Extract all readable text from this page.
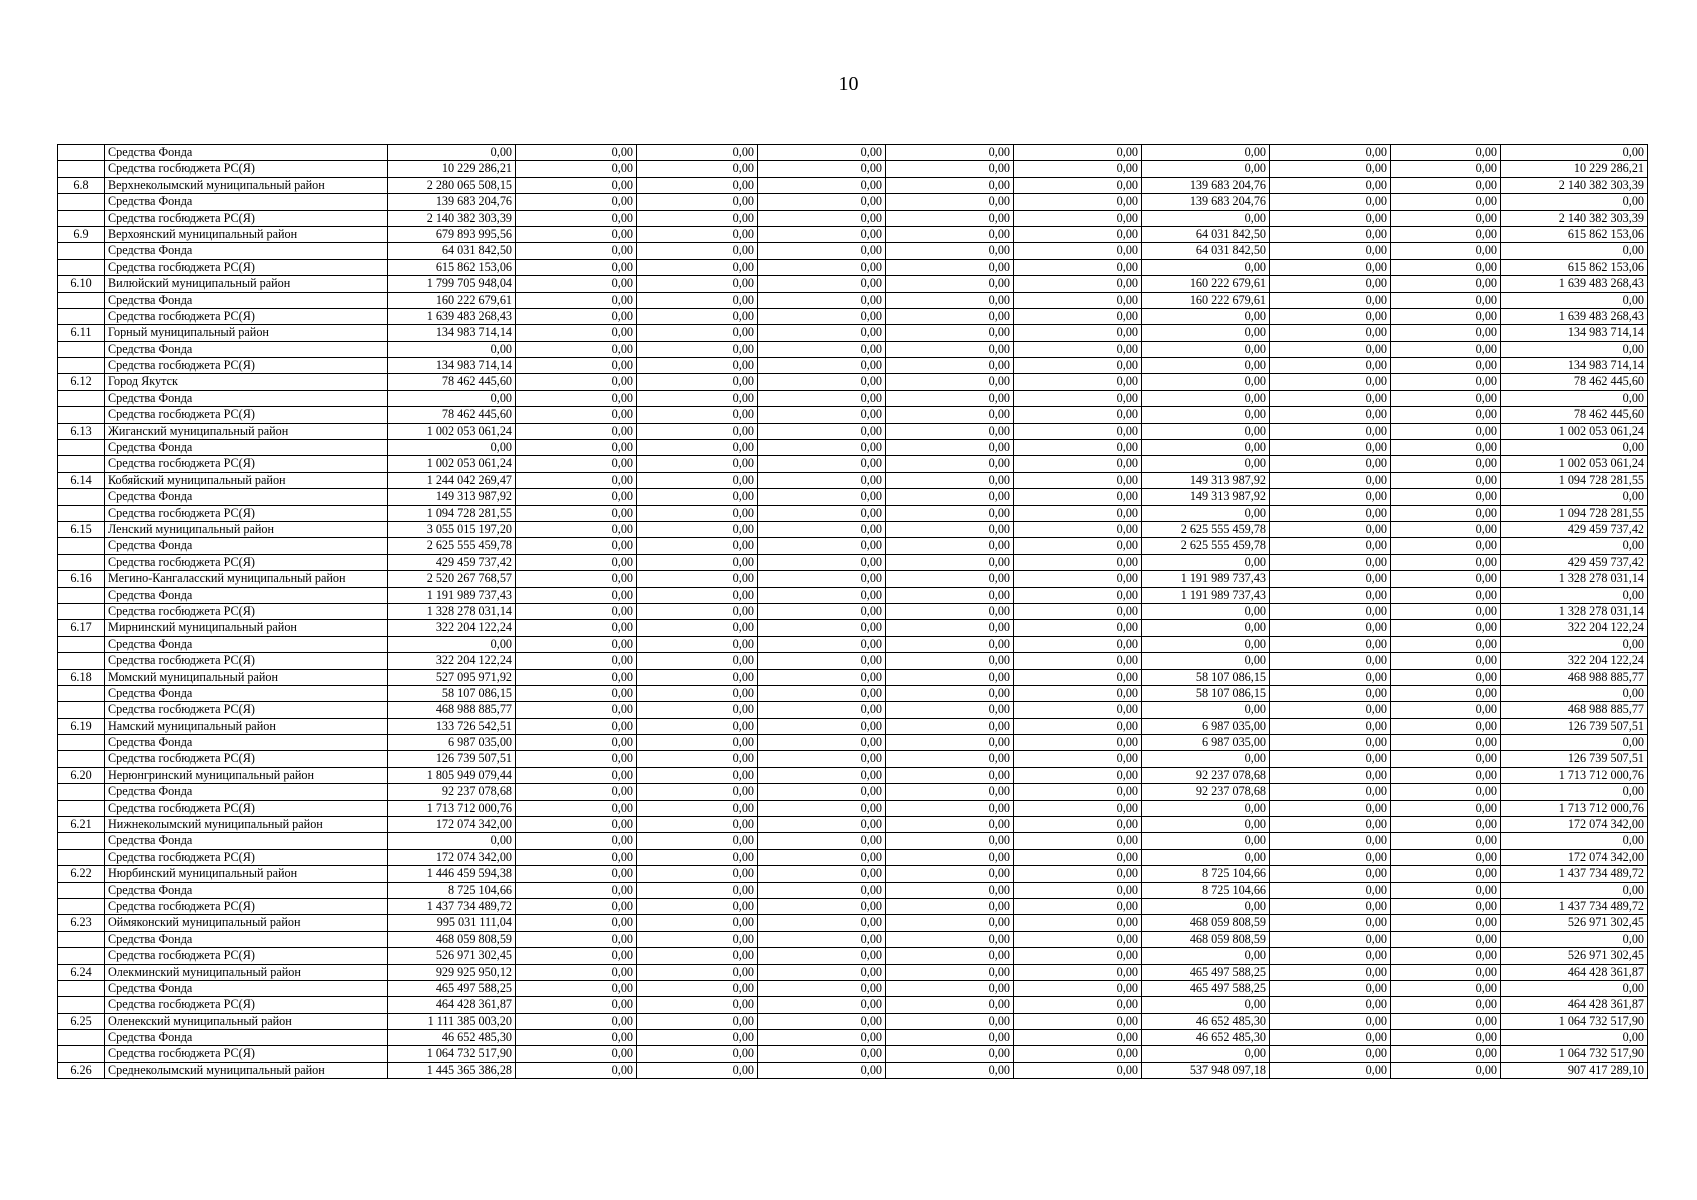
10
	Средства Фонда	0,00	0,00	0,00	0,00	0,00	0,00	0,00	0,00	0,00	0,00
	Средства госбюджета РС(Я)	10 229 286,21	0,00	0,00	0,00	0,00	0,00	0,00	0,00	0,00	10 229 286,21
6.8	Верхнеколымский муниципальный район	2 280 065 508,15	0,00	0,00	0,00	0,00	0,00	139 683 204,76	0,00	0,00	2 140 382 303,39
	Средства Фонда	139 683 204,76	0,00	0,00	0,00	0,00	0,00	139 683 204,76	0,00	0,00	0,00
	Средства госбюджета РС(Я)	2 140 382 303,39	0,00	0,00	0,00	0,00	0,00	0,00	0,00	0,00	2 140 382 303,39
6.9	Верхоянский муниципальный район	679 893 995,56	0,00	0,00	0,00	0,00	0,00	64 031 842,50	0,00	0,00	615 862 153,06
	Средства Фонда	64 031 842,50	0,00	0,00	0,00	0,00	0,00	64 031 842,50	0,00	0,00	0,00
	Средства госбюджета РС(Я)	615 862 153,06	0,00	0,00	0,00	0,00	0,00	0,00	0,00	0,00	615 862 153,06
6.10	Вилюйский муниципальный район	1 799 705 948,04	0,00	0,00	0,00	0,00	0,00	160 222 679,61	0,00	0,00	1 639 483 268,43
	Средства Фонда	160 222 679,61	0,00	0,00	0,00	0,00	0,00	160 222 679,61	0,00	0,00	0,00
	Средства госбюджета РС(Я)	1 639 483 268,43	0,00	0,00	0,00	0,00	0,00	0,00	0,00	0,00	1 639 483 268,43
6.11	Горный муниципальный район	134 983 714,14	0,00	0,00	0,00	0,00	0,00	0,00	0,00	0,00	134 983 714,14
	Средства Фонда	0,00	0,00	0,00	0,00	0,00	0,00	0,00	0,00	0,00	0,00
	Средства госбюджета РС(Я)	134 983 714,14	0,00	0,00	0,00	0,00	0,00	0,00	0,00	0,00	134 983 714,14
6.12	Город Якутск	78 462 445,60	0,00	0,00	0,00	0,00	0,00	0,00	0,00	0,00	78 462 445,60
	Средства Фонда	0,00	0,00	0,00	0,00	0,00	0,00	0,00	0,00	0,00	0,00
	Средства госбюджета РС(Я)	78 462 445,60	0,00	0,00	0,00	0,00	0,00	0,00	0,00	0,00	78 462 445,60
6.13	Жиганский муниципальный район	1 002 053 061,24	0,00	0,00	0,00	0,00	0,00	0,00	0,00	0,00	1 002 053 061,24
	Средства Фонда	0,00	0,00	0,00	0,00	0,00	0,00	0,00	0,00	0,00	0,00
	Средства госбюджета РС(Я)	1 002 053 061,24	0,00	0,00	0,00	0,00	0,00	0,00	0,00	0,00	1 002 053 061,24
6.14	Кобяйский муниципальный район	1 244 042 269,47	0,00	0,00	0,00	0,00	0,00	149 313 987,92	0,00	0,00	1 094 728 281,55
	Средства Фонда	149 313 987,92	0,00	0,00	0,00	0,00	0,00	149 313 987,92	0,00	0,00	0,00
	Средства госбюджета РС(Я)	1 094 728 281,55	0,00	0,00	0,00	0,00	0,00	0,00	0,00	0,00	1 094 728 281,55
6.15	Ленский муниципальный район	3 055 015 197,20	0,00	0,00	0,00	0,00	0,00	2 625 555 459,78	0,00	0,00	429 459 737,42
	Средства Фонда	2 625 555 459,78	0,00	0,00	0,00	0,00	0,00	2 625 555 459,78	0,00	0,00	0,00
	Средства госбюджета РС(Я)	429 459 737,42	0,00	0,00	0,00	0,00	0,00	0,00	0,00	0,00	429 459 737,42
6.16	Мегино-Кангаласский муниципальный район	2 520 267 768,57	0,00	0,00	0,00	0,00	0,00	1 191 989 737,43	0,00	0,00	1 328 278 031,14
	Средства Фонда	1 191 989 737,43	0,00	0,00	0,00	0,00	0,00	1 191 989 737,43	0,00	0,00	0,00
	Средства госбюджета РС(Я)	1 328 278 031,14	0,00	0,00	0,00	0,00	0,00	0,00	0,00	0,00	1 328 278 031,14
6.17	Мирнинский муниципальный район	322 204 122,24	0,00	0,00	0,00	0,00	0,00	0,00	0,00	0,00	322 204 122,24
	Средства Фонда	0,00	0,00	0,00	0,00	0,00	0,00	0,00	0,00	0,00	0,00
	Средства госбюджета РС(Я)	322 204 122,24	0,00	0,00	0,00	0,00	0,00	0,00	0,00	0,00	322 204 122,24
6.18	Момский муниципальный район	527 095 971,92	0,00	0,00	0,00	0,00	0,00	58 107 086,15	0,00	0,00	468 988 885,77
	Средства Фонда	58 107 086,15	0,00	0,00	0,00	0,00	0,00	58 107 086,15	0,00	0,00	0,00
	Средства госбюджета РС(Я)	468 988 885,77	0,00	0,00	0,00	0,00	0,00	0,00	0,00	0,00	468 988 885,77
6.19	Намский муниципальный район	133 726 542,51	0,00	0,00	0,00	0,00	0,00	6 987 035,00	0,00	0,00	126 739 507,51
	Средства Фонда	6 987 035,00	0,00	0,00	0,00	0,00	0,00	6 987 035,00	0,00	0,00	0,00
	Средства госбюджета РС(Я)	126 739 507,51	0,00	0,00	0,00	0,00	0,00	0,00	0,00	0,00	126 739 507,51
6.20	Нерюнгринский муниципальный район	1 805 949 079,44	0,00	0,00	0,00	0,00	0,00	92 237 078,68	0,00	0,00	1 713 712 000,76
	Средства Фонда	92 237 078,68	0,00	0,00	0,00	0,00	0,00	92 237 078,68	0,00	0,00	0,00
	Средства госбюджета РС(Я)	1 713 712 000,76	0,00	0,00	0,00	0,00	0,00	0,00	0,00	0,00	1 713 712 000,76
6.21	Нижнеколымский муниципальный район	172 074 342,00	0,00	0,00	0,00	0,00	0,00	0,00	0,00	0,00	172 074 342,00
	Средства Фонда	0,00	0,00	0,00	0,00	0,00	0,00	0,00	0,00	0,00	0,00
	Средства госбюджета РС(Я)	172 074 342,00	0,00	0,00	0,00	0,00	0,00	0,00	0,00	0,00	172 074 342,00
6.22	Нюрбинский муниципальный район	1 446 459 594,38	0,00	0,00	0,00	0,00	0,00	8 725 104,66	0,00	0,00	1 437 734 489,72
	Средства Фонда	8 725 104,66	0,00	0,00	0,00	0,00	0,00	8 725 104,66	0,00	0,00	0,00
	Средства госбюджета РС(Я)	1 437 734 489,72	0,00	0,00	0,00	0,00	0,00	0,00	0,00	0,00	1 437 734 489,72
6.23	Оймяконский муниципальный район	995 031 111,04	0,00	0,00	0,00	0,00	0,00	468 059 808,59	0,00	0,00	526 971 302,45
	Средства Фонда	468 059 808,59	0,00	0,00	0,00	0,00	0,00	468 059 808,59	0,00	0,00	0,00
	Средства госбюджета РС(Я)	526 971 302,45	0,00	0,00	0,00	0,00	0,00	0,00	0,00	0,00	526 971 302,45
6.24	Олекминский муниципальный район	929 925 950,12	0,00	0,00	0,00	0,00	0,00	465 497 588,25	0,00	0,00	464 428 361,87
	Средства Фонда	465 497 588,25	0,00	0,00	0,00	0,00	0,00	465 497 588,25	0,00	0,00	0,00
	Средства госбюджета РС(Я)	464 428 361,87	0,00	0,00	0,00	0,00	0,00	0,00	0,00	0,00	464 428 361,87
6.25	Оленекский муниципальный район	1 111 385 003,20	0,00	0,00	0,00	0,00	0,00	46 652 485,30	0,00	0,00	1 064 732 517,90
	Средства Фонда	46 652 485,30	0,00	0,00	0,00	0,00	0,00	46 652 485,30	0,00	0,00	0,00
	Средства госбюджета РС(Я)	1 064 732 517,90	0,00	0,00	0,00	0,00	0,00	0,00	0,00	0,00	1 064 732 517,90
6.26	Среднеколымский муниципальный район	1 445 365 386,28	0,00	0,00	0,00	0,00	0,00	537 948 097,18	0,00	0,00	907 417 289,10
